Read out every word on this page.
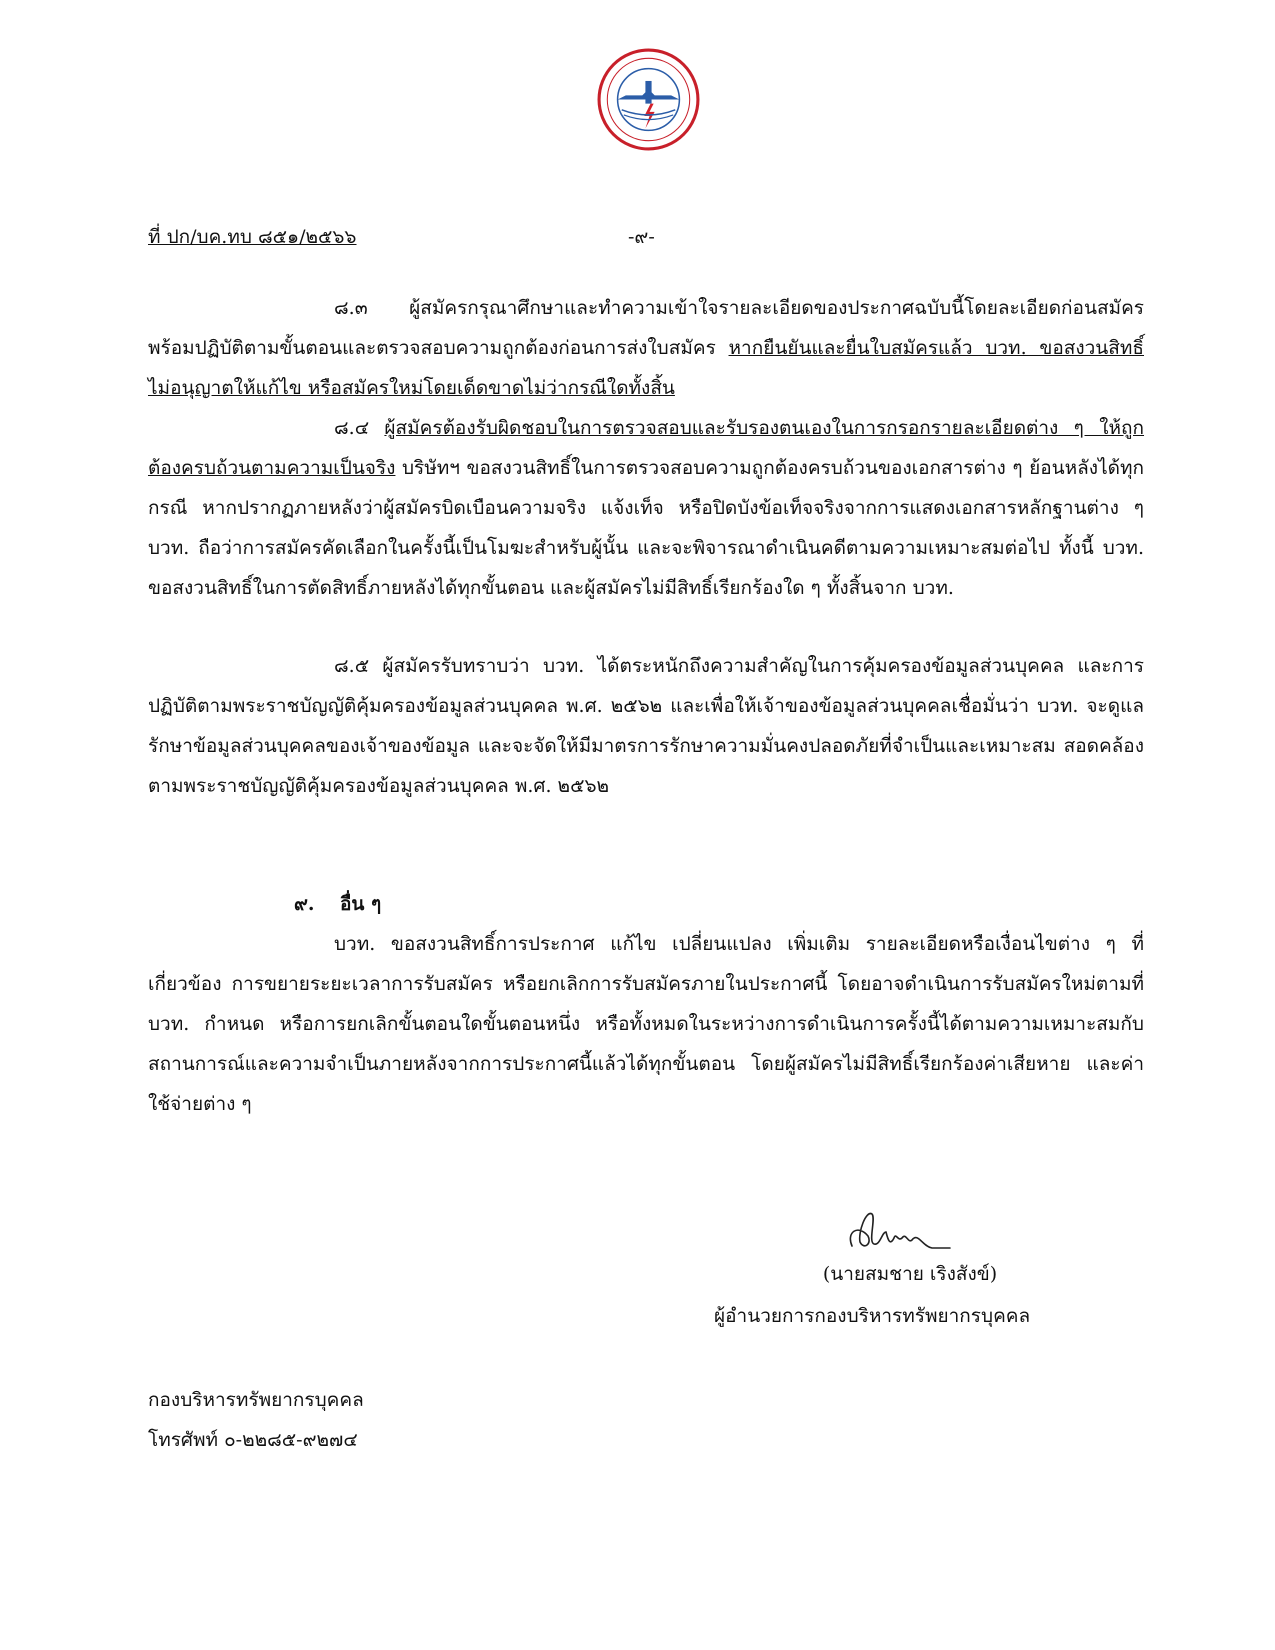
ที่ ปก/บค.ทบ ๘๕๑/๒๕๖๖	-๙-

๘.๓ ผู้สมัครกรุณาศึกษาและทำความเข้าใจรายละเอียดของประกาศฉบับนี้โดยละเอียดก่อนสมัครพร้อมปฏิบัติตามขั้นตอนและตรวจสอบความถูกต้องก่อนการส่งใบสมัคร หากยืนยันและยื่นใบสมัครแล้ว บวท. ขอสงวนสิทธิ์ไม่อนุญาตให้แก้ไข หรือสมัครใหม่โดยเด็ดขาดไม่ว่ากรณีใดทั้งสิ้น

๘.๔ ผู้สมัครต้องรับผิดชอบในการตรวจสอบและรับรองตนเองในการกรอกรายละเอียดต่าง ๆ ให้ถูกต้องครบถ้วนตามความเป็นจริง บริษัทฯ ขอสงวนสิทธิ์ในการตรวจสอบความถูกต้องครบถ้วนของเอกสารต่าง ๆ ย้อนหลังได้ทุกกรณี หากปรากฏภายหลังว่าผู้สมัครบิดเบือนความจริง แจ้งเท็จ หรือปิดบังข้อเท็จจริงจากการแสดงเอกสารหลักฐานต่าง ๆ บวท. ถือว่าการสมัครคัดเลือกในครั้งนี้เป็นโมฆะสำหรับผู้นั้น และจะพิจารณาดำเนินคดีตามความเหมาะสมต่อไป ทั้งนี้ บวท. ขอสงวนสิทธิ์ในการตัดสิทธิ์ภายหลังได้ทุกขั้นตอน และผู้สมัครไม่มีสิทธิ์เรียกร้องใด ๆ ทั้งสิ้นจาก บวท.

๘.๕ ผู้สมัครรับทราบว่า บวท. ได้ตระหนักถึงความสำคัญในการคุ้มครองข้อมูลส่วนบุคคล และการปฏิบัติตามพระราชบัญญัติคุ้มครองข้อมูลส่วนบุคคล พ.ศ. ๒๕๖๒ และเพื่อให้เจ้าของข้อมูลส่วนบุคคลเชื่อมั่นว่า บวท. จะดูแลรักษาข้อมูลส่วนบุคคลของเจ้าของข้อมูล และจะจัดให้มีมาตรการรักษาความมั่นคงปลอดภัยที่จำเป็นและเหมาะสม สอดคล้องตามพระราชบัญญัติคุ้มครองข้อมูลส่วนบุคคล พ.ศ. ๒๕๖๒

๙. อื่น ๆ

บวท. ขอสงวนสิทธิ์การประกาศ แก้ไข เปลี่ยนแปลง เพิ่มเติม รายละเอียดหรือเงื่อนไขต่าง ๆ ที่เกี่ยวข้อง การขยายระยะเวลาการรับสมัคร หรือยกเลิกการรับสมัครภายในประกาศนี้ โดยอาจดำเนินการรับสมัครใหม่ตามที่ บวท. กำหนด หรือการยกเลิกขั้นตอนใดขั้นตอนหนึ่ง หรือทั้งหมดในระหว่างการดำเนินการครั้งนี้ได้ตามความเหมาะสมกับสถานการณ์และความจำเป็นภายหลังจากการประกาศนี้แล้วได้ทุกขั้นตอน โดยผู้สมัครไม่มีสิทธิ์เรียกร้องค่าเสียหาย และค่าใช้จ่ายต่าง ๆ

(นายสมชาย เริงสังข์)
ผู้อำนวยการกองบริหารทรัพยากรบุคคล
กองบริหารทรัพยากรบุคคล
โทรศัพท์ ๐-๒๒๘๕-๙๒๗๔
